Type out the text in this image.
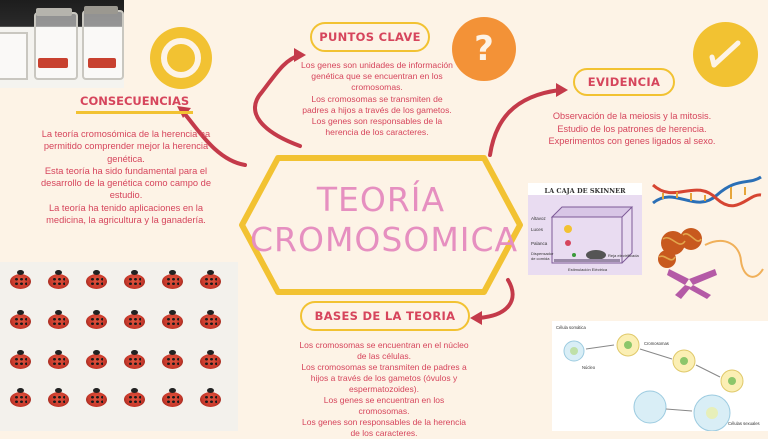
?
PUNTOS CLAVE
Los genes son unidades de información
genética que se encuentran en los
cromosomas.
Los cromosomas se transmiten de
padres a hijos a través de los gametos.
Los genes son responsables de la
herencia de los caracteres.
CONSECUENCIAS
La teoría cromosómica de la herencia ha
permitido comprender mejor la herencia
genética.
Esta teoría ha sido fundamental para el
desarrollo de la genética como campo de
estudio.
La teoría ha tenido aplicaciones en la
medicina, la agricultura y la ganadería.
EVIDENCIA
Observación de la meiosis y la mitosis.
Estudio de los patrones de herencia.
Experimentos con genes ligados al sexo.
TEORÍA
CROMOSOMICA
BASES DE LA TEORIA
Los cromosomas se encuentran en el núcleo
de las células.
Los cromosomas se transmiten de padres a
hijos a través de los gametos (óvulos y
espermatozoides).
Los genes se encuentran en los
cromosomas.
Los genes son responsables de la herencia
de los caracteres.
LA CAJA DE SKINNER
Altavoz
Luces
Palanca
Dispensador de comida
Reja electrificada
Estimulación Eléctrica
Célula somática
Cromosomas
Núcleo
Células sexuales
